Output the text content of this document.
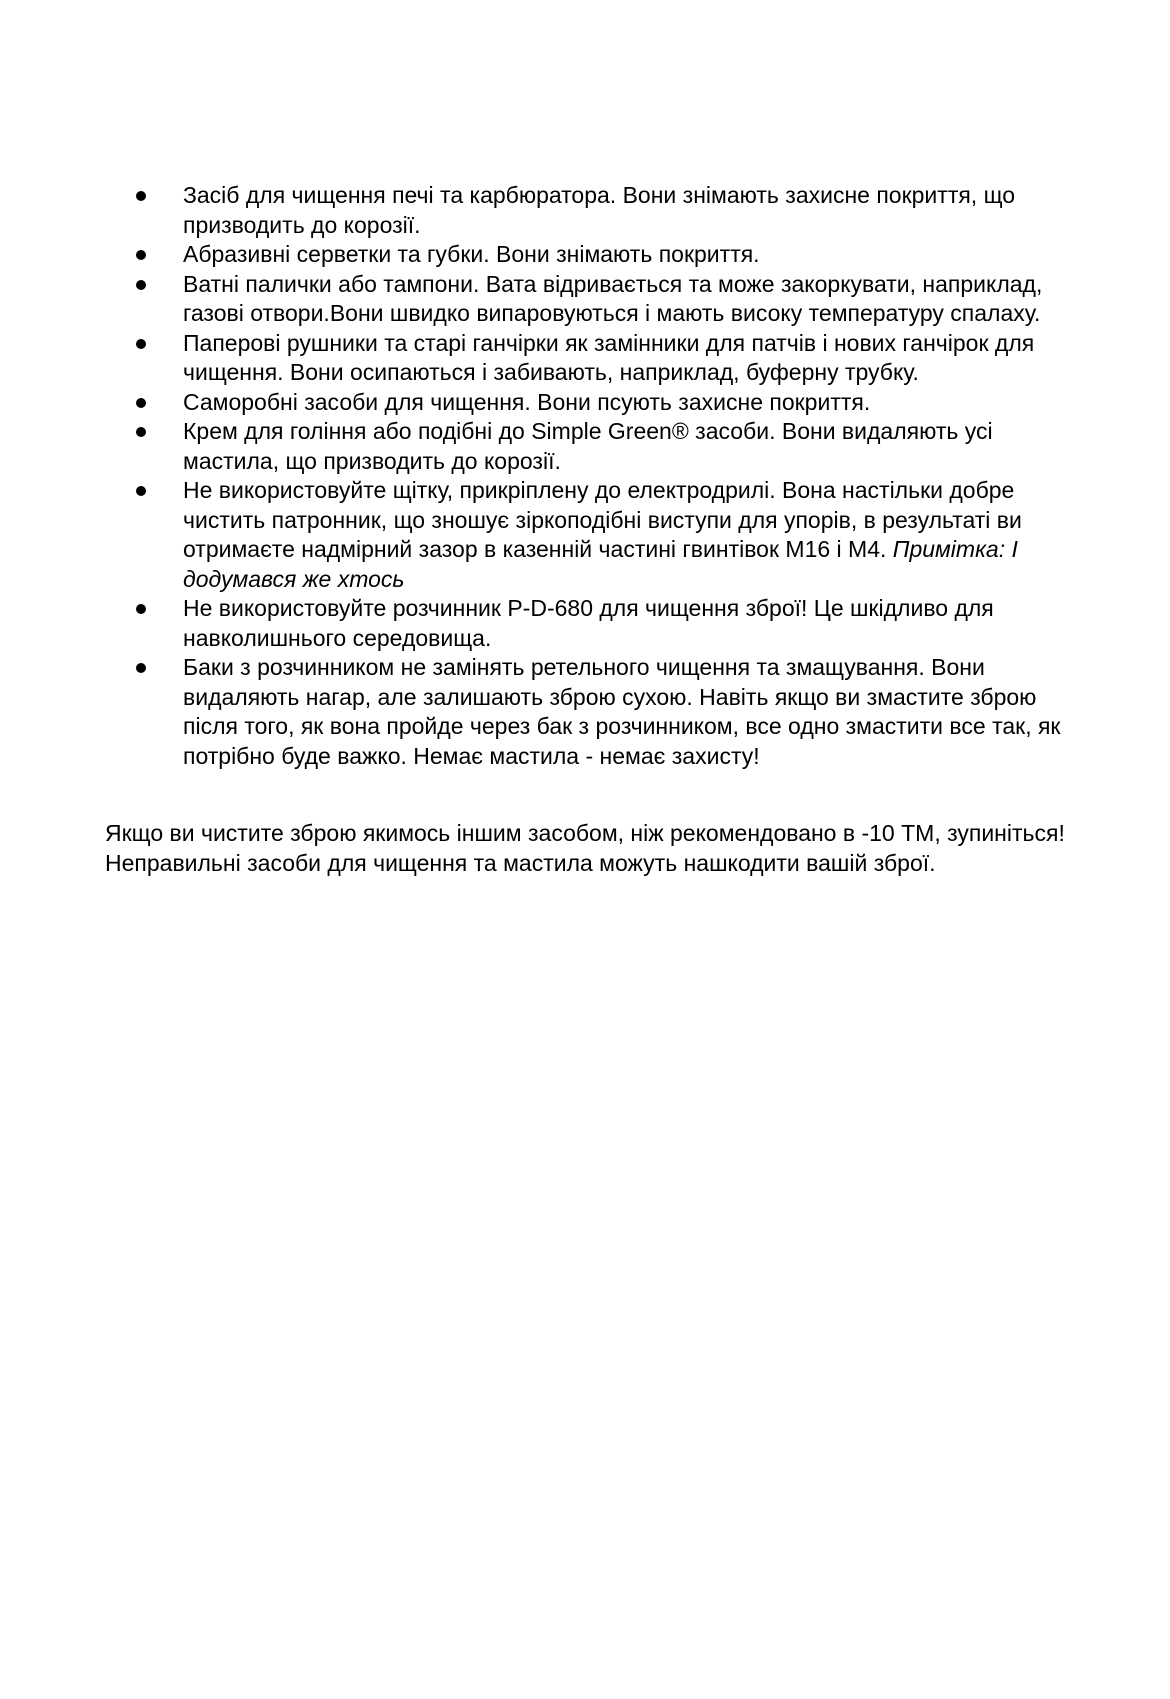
Засіб для чищення печі та карбюратора. Вони знімають захисне покриття, що призводить до корозії.
Абразивні серветки та губки. Вони знімають покриття.
Ватні палички або тампони. Вата відривається та може закоркувати, наприклад, газові отвори.Вони швидко випаровуються і мають високу температуру спалаху.
Паперові рушники та старі ганчірки як замінники для патчів і нових ганчірок для чищення. Вони осипаються і забивають, наприклад, буферну трубку.
Саморобні засоби для чищення. Вони псують захисне покриття.
Крем для гоління або подібні до Simple Green® засоби. Вони видаляють усі мастила, що призводить до корозії.
Не використовуйте щітку, прикріплену до електродрилі. Вона настільки добре чистить патронник, що зношує зіркоподібні виступи для упорів, в результаті ви отримаєте надмірний зазор в казенній частині гвинтівок M16 і M4. Примітка: І додумався же хтось
Не використовуйте розчинник P-D-680 для чищення зброї! Це шкідливо для навколишнього середовища.
Баки з розчинником не замінять ретельного чищення та змащування. Вони видаляють нагар, але залишають зброю сухою. Навіть якщо ви змастите зброю після того, як вона пройде через бак з розчинником, все одно змастити все так, як потрібно буде важко. Немає мастила - немає захисту!

Якщо ви чистите зброю якимось іншим засобом, ніж рекомендовано в -10 ТМ, зупиніться! Неправильні засоби для чищення та мастила можуть нашкодити вашій зброї.
